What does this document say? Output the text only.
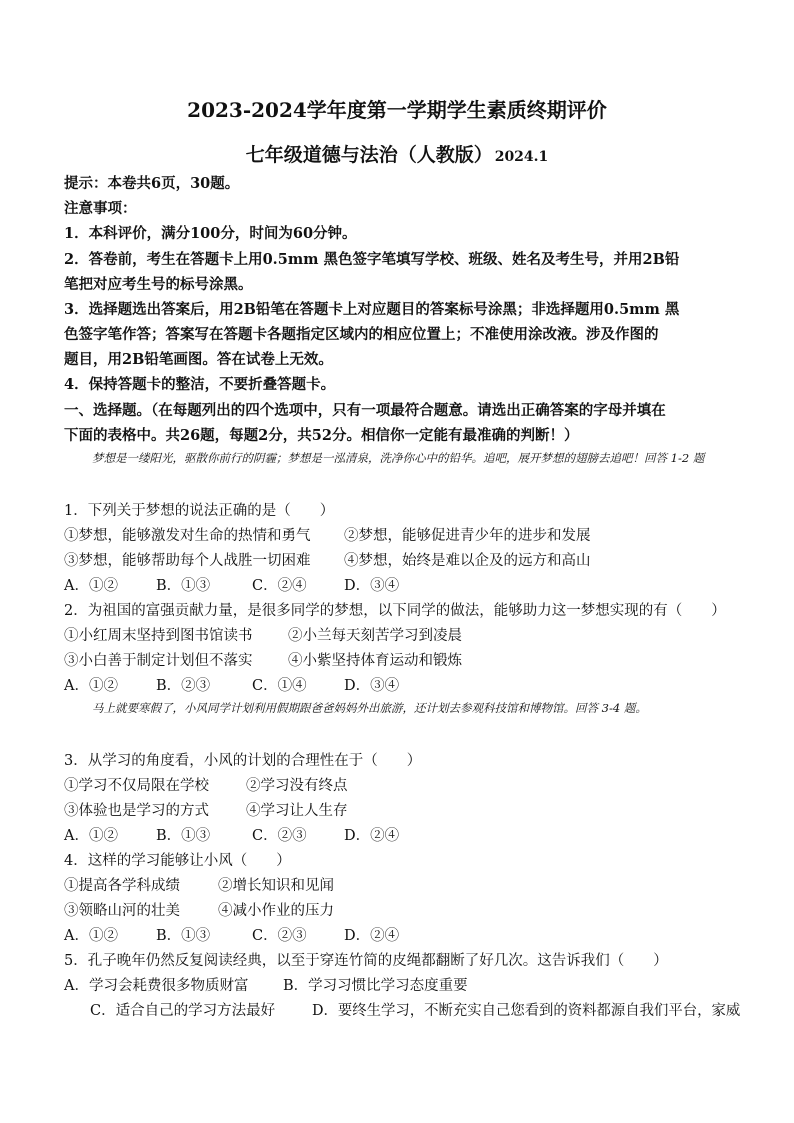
2023-2024学年度第一学期学生素质终期评价
七年级道德与法治（人教版） 2024.1
提示：本卷共6页，30题。
注意事项：
1．本科评价，满分100分，时间为60分钟。
2．答卷前，考生在答题卡上用0.5mm 黑色签字笔填写学校、班级、姓名及考生号，并用2B铅
笔把对应考生号的标号涂黑。
3．选择题选出答案后，用2B铅笔在答题卡上对应题目的答案标号涂黑；非选择题用0.5mm 黑
色签字笔作答；答案写在答题卡各题指定区域内的相应位置上；不准使用涂改液。涉及作图的
题目，用2B铅笔画图。答在试卷上无效。
4．保持答题卡的整洁，不要折叠答题卡。
一、选择题。（在每题列出的四个选项中，只有一项最符合题意。请选出正确答案的字母并填在
下面的表格中。共26题，每题2分，共52分。相信你一定能有最准确的判断！）
梦想是一缕阳光，驱散你前行的阴霾；梦想是一泓清泉，洗净你心中的铅华。追吧，展开梦想的翅膀去追吧！回答 1-2 题
1．下列关于梦想的说法正确的是（　　）
①梦想，能够激发对生命的热情和勇气 ②梦想，能够促进青少年的进步和发展
③梦想，能够帮助每个人战胜一切困难 ④梦想，始终是难以企及的远方和高山
A．①②	B．①③	C．②④	D．③④
2．为祖国的富强贡献力量，是很多同学的梦想，以下同学的做法，能够助力这一梦想实现的有（　　）
①小红周末坚持到图书馆读书 ②小兰每天刻苦学习到凌晨
③小白善于制定计划但不落实 ④小紫坚持体育运动和锻炼
A．①②	B．②③	C．①④	D．③④
马上就要寒假了，小风同学计划利用假期跟爸爸妈妈外出旅游，还计划去参观科技馆和博物馆。回答 3-4 题。
3．从学习的角度看，小风的计划的合理性在于（　　）
①学习不仅局限在学校	②学习没有终点
③体验也是学习的方式	④学习让人生存
A．①②	B．①③	C．②③	D．②④
4．这样的学习能够让小风（　　）
①提高各学科成绩	②增长知识和见闻
③领略山河的壮美	④减小作业的压力
A．①②	B．①③	C．②③	D．②④
5．孔子晚年仍然反复阅读经典，以至于穿连竹简的皮绳都翻断了好几次。这告诉我们（　　）
A．学习会耗费很多物质财富 B．学习习惯比学习态度重要
C．适合自己的学习方法最好	D．要终生学习，不断充实自己您看到的资料都源自我们平台，家威
